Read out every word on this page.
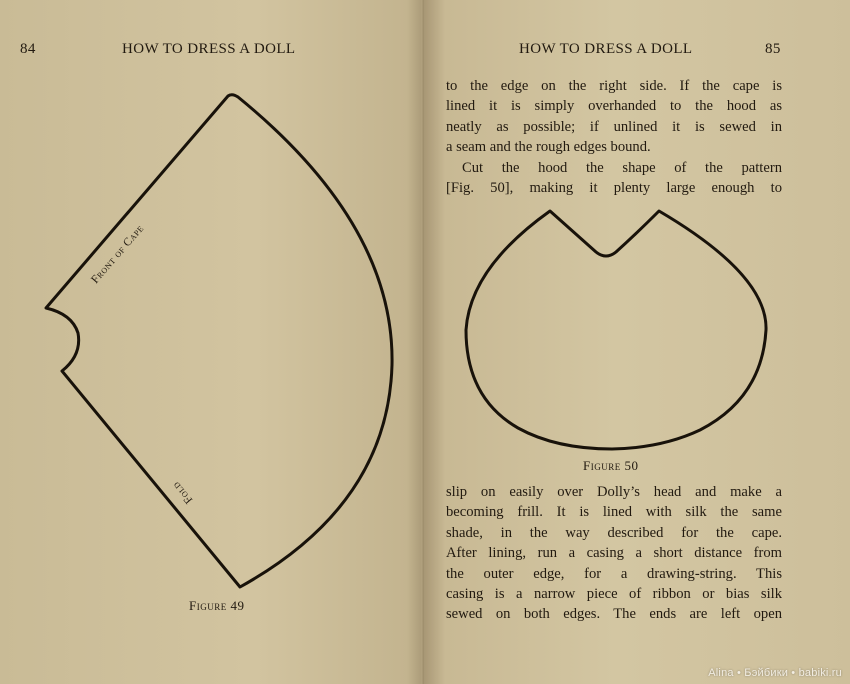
84	HOW TO DRESS A DOLL
Front of Cape
Fold
Figure 49
HOW TO DRESS A DOLL	85
to the edge on the right side. If the cape is
lined it is simply overhanded to the hood as
neatly as possible; if unlined it is sewed in
a seam and the rough edges bound.
Cut the hood the shape of the pattern
[Fig. 50], making it plenty large enough to
Figure 50
slip on easily over Dolly’s head and make a
becoming frill. It is lined with silk the same
shade, in the way described for the cape.
After lining, run a casing a short distance from
the outer edge, for a drawing-string. This
casing is a narrow piece of ribbon or bias silk
sewed on both edges. The ends are left open
Alina • Бэйбики • babiki.ru
